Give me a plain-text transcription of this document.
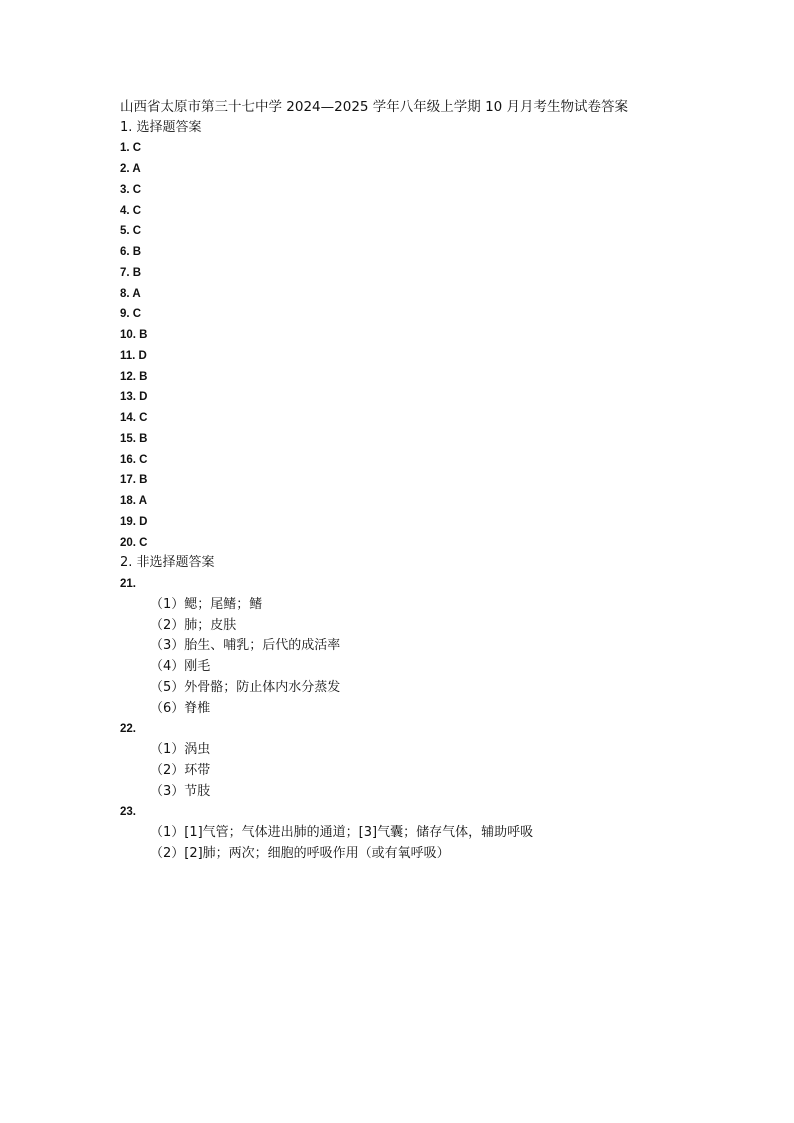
山西省太原市第三十七中学 2024—2025 学年八年级上学期 10 月月考生物试卷答案
1. 选择题答案
1. C
2. A
3. C
4. C
5. C
6. B
7. B
8. A
9. C
10. B
11. D
12. B
13. D
14. C
15. B
16. C
17. B
18. A
19. D
20. C
2. 非选择题答案
21.
（1）鳃；尾鳍；鳍
（2）肺；皮肤
（3）胎生、哺乳；后代的成活率
（4）刚毛
（5）外骨骼；防止体内水分蒸发
（6）脊椎
22.
（1）涡虫
（2）环带
（3）节肢
23.
（1）[1]气管；气体进出肺的通道；[3]气囊；储存气体，辅助呼吸
（2）[2]肺；两次；细胞的呼吸作用（或有氧呼吸）
